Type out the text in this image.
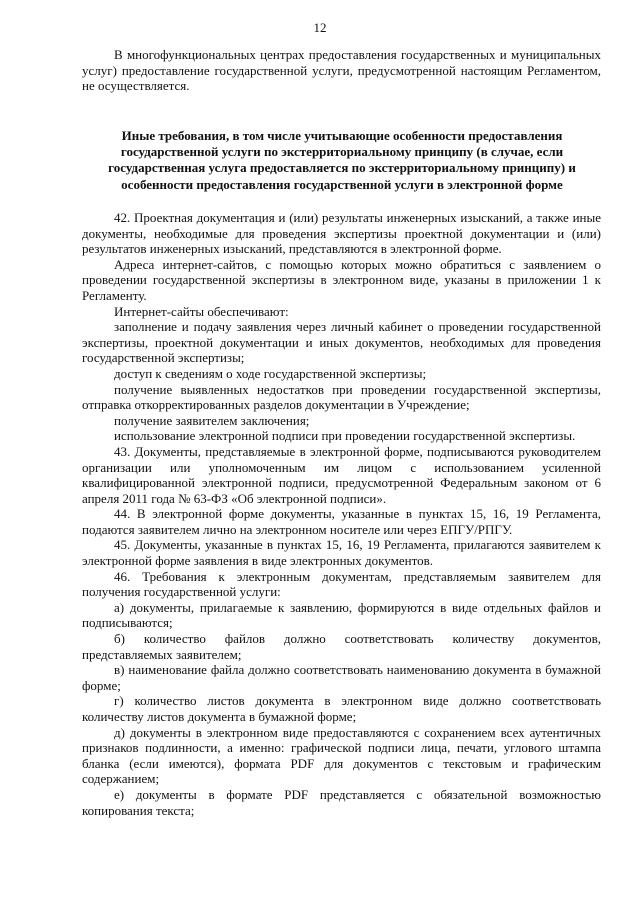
12

В многофункциональных центрах предоставления государственных и муниципальных услуг) предоставление государственной услуги, предусмотренной настоящим Регламентом, не осуществляется.

Иные требования, в том числе учитывающие особенности предоставления государственной услуги по экстерриториальному принципу (в случае, если государственная услуга предоставляется по экстерриториальному принципу) и особенности предоставления государственной услуги в электронной форме

42. Проектная документация и (или) результаты инженерных изысканий, а также иные документы, необходимые для проведения экспертизы проектной документации и (или) результатов инженерных изысканий, представляются в электронной форме.

Адреса интернет-сайтов, с помощью которых можно обратиться с заявлением о проведении государственной экспертизы в электронном виде, указаны в приложении 1 к Регламенту.

Интернет-сайты обеспечивают:

заполнение и подачу заявления через личный кабинет о проведении государственной экспертизы, проектной документации и иных документов, необходимых для проведения государственной экспертизы;

доступ к сведениям о ходе государственной экспертизы;

получение выявленных недостатков при проведении государственной экспертизы, отправка откорректированных разделов документации в Учреждение;

получение заявителем заключения;

использование электронной подписи при проведении государственной экспертизы.

43. Документы, представляемые в электронной форме, подписываются руководителем организации или уполномоченным им лицом с использованием усиленной квалифицированной электронной подписи, предусмотренной Федеральным законом от 6 апреля 2011 года № 63-ФЗ «Об электронной подписи».

44. В электронной форме документы, указанные в пунктах 15, 16, 19 Регламента, подаются заявителем лично на электронном носителе или через ЕПГУ/РПГУ.

45. Документы, указанные в пунктах 15, 16, 19 Регламента, прилагаются заявителем к электронной форме заявления в виде электронных документов.

46. Требования к электронным документам, представляемым заявителем для получения государственной услуги:

а) документы, прилагаемые к заявлению, формируются в виде отдельных файлов и подписываются;

б) количество файлов должно соответствовать количеству документов, представляемых заявителем;

в) наименование файла должно соответствовать наименованию документа в бумажной форме;

г) количество листов документа в электронном виде должно соответствовать количеству листов документа в бумажной форме;

д) документы в электронном виде предоставляются с сохранением всех аутентичных признаков подлинности, а именно: графической подписи лица, печати, углового штампа бланка (если имеются), формата PDF для документов с текстовым и графическим содержанием;

е) документы в формате PDF представляется с обязательной возможностью копирования текста;
